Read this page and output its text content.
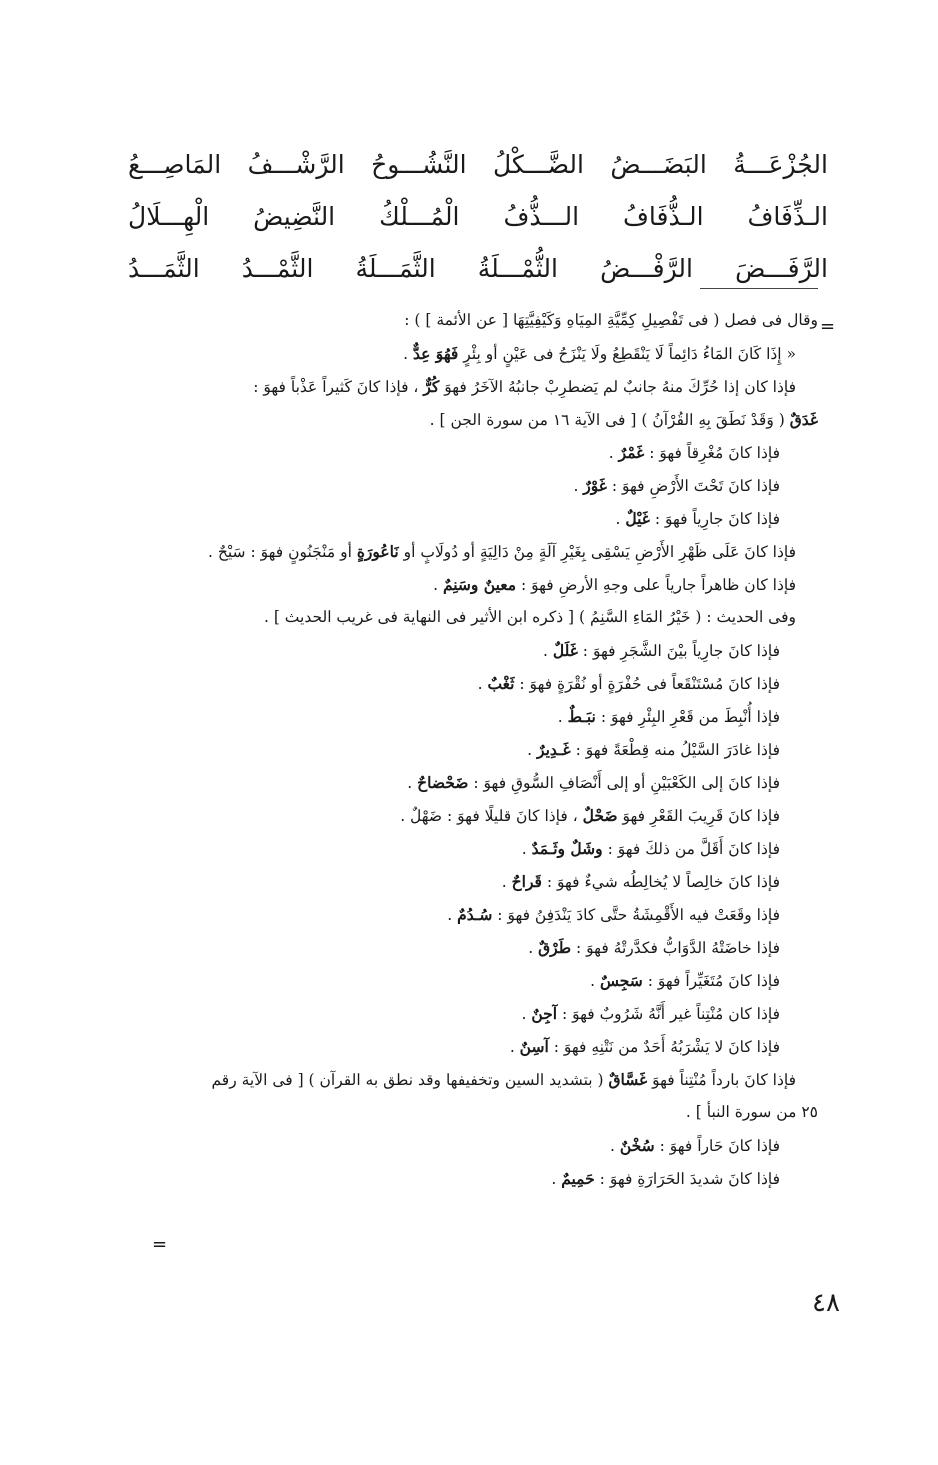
الجُزْعَـــةُ
البَضَـــضُ
الضَّـــكْلُ
النَّشُـــوحُ
الرَّشْـــفُ
المَاصِـــعُ
الـذِّفَافُ
الـذُّفَافُ
الـــذُّفُ
الْمُـــلْكُ
النَّضِيضُ
الْهِـــلَالُ
الرَّفَـــضَ
الرَّفْـــضُ
الثُّمْـــلَةُ
الثَّمَـــلَةُ
الثَّمْـــدُ
الثَّمَـــدُ
=
وقال فى فصل ( فى تَفْصِيلِ كِمِّيَّةِ المِيَاهِ وَكَيْفِيَّتِهَا [ عن الأئمة ] ) :
« إِذَا كَانَ المَاءُ دَائِماً لَا يَنْقَطِعُ ولَا يَنْزَحُ فى عَيْنٍ أو بِئْرٍ فَهُوَ عِدٌّ .
فإذا كان إذا حُرِّكَ منهُ جانبٌ لم يَضطرِبْ جانبُهُ الآخَرُ فهوَ كُرٌّ ، فإذا كانَ كَثيراً عَذْباً فهوَ :
غَدَقٌ ( وَقَدْ نَطَقَ بِهِ القُرْآنُ ) [ فى الآية ١٦ من سورة الجن ] .
فإذا كانَ مُغْرِقاً فهوَ : غَمْرٌ .
فإذا كانَ تَحْتَ الأَرْضِ فهوَ : غَوْرٌ .
فإذا كانَ جارِياً فهوَ : غَيْلٌ .
فإذا كانَ عَلَى ظَهْرِ الأَرْضِ يَسْقِى بِغَيْرِ آلَةٍ مِنْ دَالِيَةٍ أو دُولَابٍ أو نَاعُورَةٍ أو مَنْجَنُونٍ فهوَ : سَيْحٌ .
فإذا كان ظاهراً جارياً على وجهِ الأرضِ فهوَ : معينٌ وسَنِمٌ .
وفى الحديث : ( خَيْرُ المَاءِ السَّنِمُ ) [ ذكره ابن الأثير فى النهاية فى غريب الحديث ] .
فإذا كانَ جارِياً بيْنَ الشَّجَرِ فهوَ : غَلَلٌ .
فإذا كانَ مُسْتَنْقَعاً فى حُفْرَةٍ أو نُقْرَةٍ فهوَ : ثَغْبٌ .
فإذا أُنْبِطَ من قَعْرِ البِئْرِ فهوَ : نبَـطٌ .
فإذا غادَرَ السَّيْلُ منه قِطْعَةً فهوَ : غَـدِيرٌ .
فإذا كانَ إلى الكَعْبَيْنِ أو إلى أَنْصَافِ السُّوقِ فهوَ : ضَحْضاحٌ .
فإذا كانَ قَرِيبَ القَعْرِ فهوَ ضَحْلٌ ، فإذا كانَ قليلًا فهوَ : ضَهْلٌ .
فإذا كانَ أَقَلَّ من ذلكَ فهوَ : وشَلٌ وثَـمَدٌ .
فإذا كانَ خالِصاً لا يُخالِطُه شيءٌ فهوَ : قَراحٌ .
فإذا وقَعَتْ فيه الأَقْمِشَةُ حتَّى كادَ يَنْدَفِنُ فهوَ : سُـدُمٌ .
فإذا خاضَتْهُ الدَّوَابُّ فكدَّرتْهُ فهوَ : طَرْقٌ .
فإذا كانَ مُتَغَيِّراً فهوَ : سَجِسٌ .
فإذا كان مُنْتِناً غير أَنَّهُ شَرُوبٌ فهوَ : آجِنٌ .
فإذا كانَ لا يَشْرَبُهُ أَحَدٌ من نَتْنِهِ فهوَ : آسِنٌ .
فإذا كانَ بارداً مُنْتِناً فهوَ غَسَّاقٌ ( بتشديد السين وتخفيفها وقد نطق به القرآن ) [ فى الآية رقم
٢٥ من سورة النبأ ] .
فإذا كانَ حَاراً فهوَ : سُخْنٌ .
فإذا كانَ شديدَ الحَرَارَةِ فهوَ : حَمِيمٌ .
=
٤٨
